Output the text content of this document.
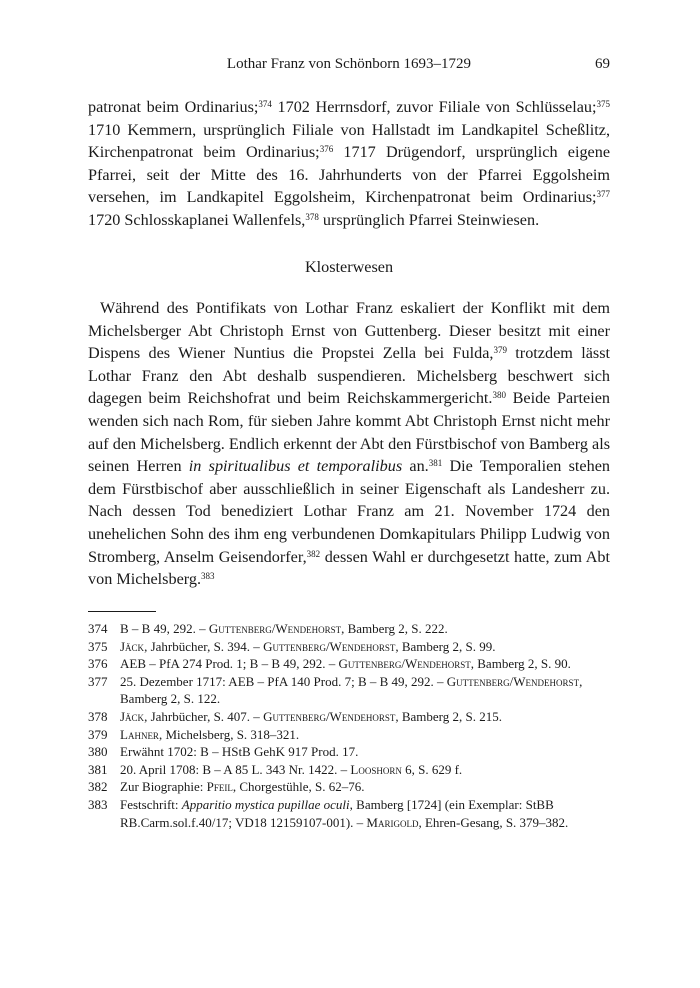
Lothar Franz von Schönborn 1693–1729	69
patronat beim Ordinarius;$^{374}$ 1702 Herrnsdorf, zuvor Filiale von Schlüsselau;$^{375}$ 1710 Kemmern, ursprünglich Filiale von Hallstadt im Landkapitel Scheßlitz, Kirchenpatronat beim Ordinarius;$^{376}$ 1717 Drügendorf, ursprünglich eigene Pfarrei, seit der Mitte des 16. Jahrhunderts von der Pfarrei Eggolsheim versehen, im Landkapitel Eggolsheim, Kirchenpatronat beim Ordinarius;$^{377}$ 1720 Schlosskaplanei Wallenfels,$^{378}$ ursprünglich Pfarrei Steinwiesen.
Klosterwesen
Während des Pontifikats von Lothar Franz eskaliert der Konflikt mit dem Michelsberger Abt Christoph Ernst von Guttenberg. Dieser besitzt mit einer Dispens des Wiener Nuntius die Propstei Zella bei Fulda,$^{379}$ trotzdem lässt Lothar Franz den Abt deshalb suspendieren. Michelsberg beschwert sich dagegen beim Reichshofrat und beim Reichskammergericht.$^{380}$ Beide Parteien wenden sich nach Rom, für sieben Jahre kommt Abt Christoph Ernst nicht mehr auf den Michelsberg. Endlich erkennt der Abt den Fürstbischof von Bamberg als seinen Herren in spiritualibus et temporalibus an.$^{381}$ Die Temporalien stehen dem Fürstbischof aber ausschließlich in seiner Eigenschaft als Landesherr zu. Nach dessen Tod benediziert Lothar Franz am 21. November 1724 den unehelichen Sohn des ihm eng verbundenen Domkapitulars Philipp Ludwig von Stromberg, Anselm Geisendorfer,$^{382}$ dessen Wahl er durchgesetzt hatte, zum Abt von Michelsberg.$^{383}$
374 B – B 49, 292. – Guttenberg/Wendehorst, Bamberg 2, S. 222.
375 Jäck, Jahrbücher, S. 394. – Guttenberg/Wendehorst, Bamberg 2, S. 99.
376 AEB – PfA 274 Prod. 1; B – B 49, 292. – Guttenberg/Wendehorst, Bamberg 2, S. 90.
377 25. Dezember 1717: AEB – PfA 140 Prod. 7; B – B 49, 292. – Guttenberg/Wendehorst, Bamberg 2, S. 122.
378 Jäck, Jahrbücher, S. 407. – Guttenberg/Wendehorst, Bamberg 2, S. 215.
379 Lahner, Michelsberg, S. 318–321.
380 Erwähnt 1702: B – HStB GehK 917 Prod. 17.
381 20. April 1708: B – A 85 L. 343 Nr. 1422. – Looshorn 6, S. 629 f.
382 Zur Biographie: Pfeil, Chorgestühle, S. 62–76.
383 Festschrift: Apparitio mystica pupillae oculi, Bamberg [1724] (ein Exemplar: StBB RB.Carm.sol.f.40/17; VD18 12159107-001). – Marigold, Ehren-Gesang, S. 379–382.
